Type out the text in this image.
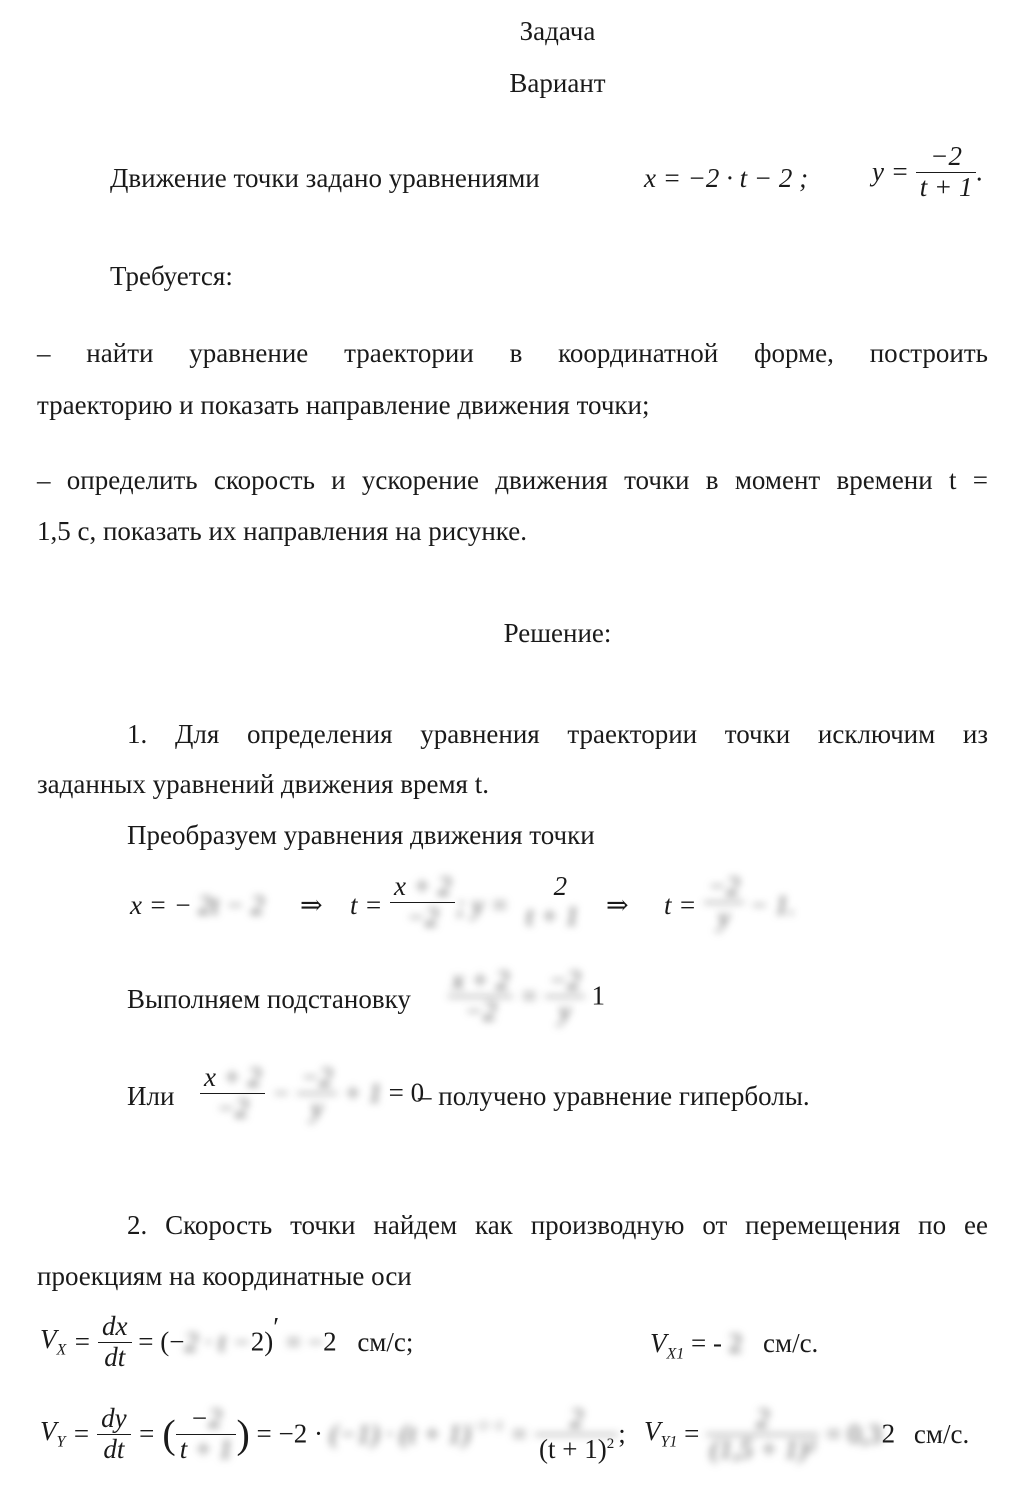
Задача
Вариант
Движение точки задано уравнениями	x = −2 · t − 2 ; $y = \frac{-2}{t + 1}$ .
Требуется:
– найти уравнение траектории в координатной форме, построить
траекторию и показать направление движения точки;
– определить скорость и ускорение движения точки в момент времени t =
1,5 с, показать их направления на рисунке.
Решение:
1. Для определения уравнения траектории точки исключим из
заданных уравнений движения время t.
Преобразуем уравнения движения точки
x = − 2t − 2 ⇒ $t = \frac{x + 2}{-2}$ ; y =
2
t + 1 ⇒ $t = \frac{-2}{y} - 1$.
Выполняем подстановку $\frac{x + 2}{-2} = \frac{-2}{y} 1$
Или $\frac{x + 2}{-2} - \frac{-2}{y} + 1 = 0$
– получено уравнение гиперболы.
2. Скорость точки найдем как производную от перемещения по ее
проекциям на координатные оси
$V_X = \frac{dx}{dt} = (-2 \cdot t -2)' = -2$ см/с;	$V_{X1}$ = - 2 см/с.
$V_Y = \frac{dy}{dt}$ = ( $\frac{-2}{t + 1}$ ) = $-2 \cdot (-1) \cdot (t + 1)^{-1-1} = \frac{2}{(t + 1)^2}$ ; $V_{Y1} = \frac{2}{\text{(1,5 + 1)²}} = 0,32$ см/с.
